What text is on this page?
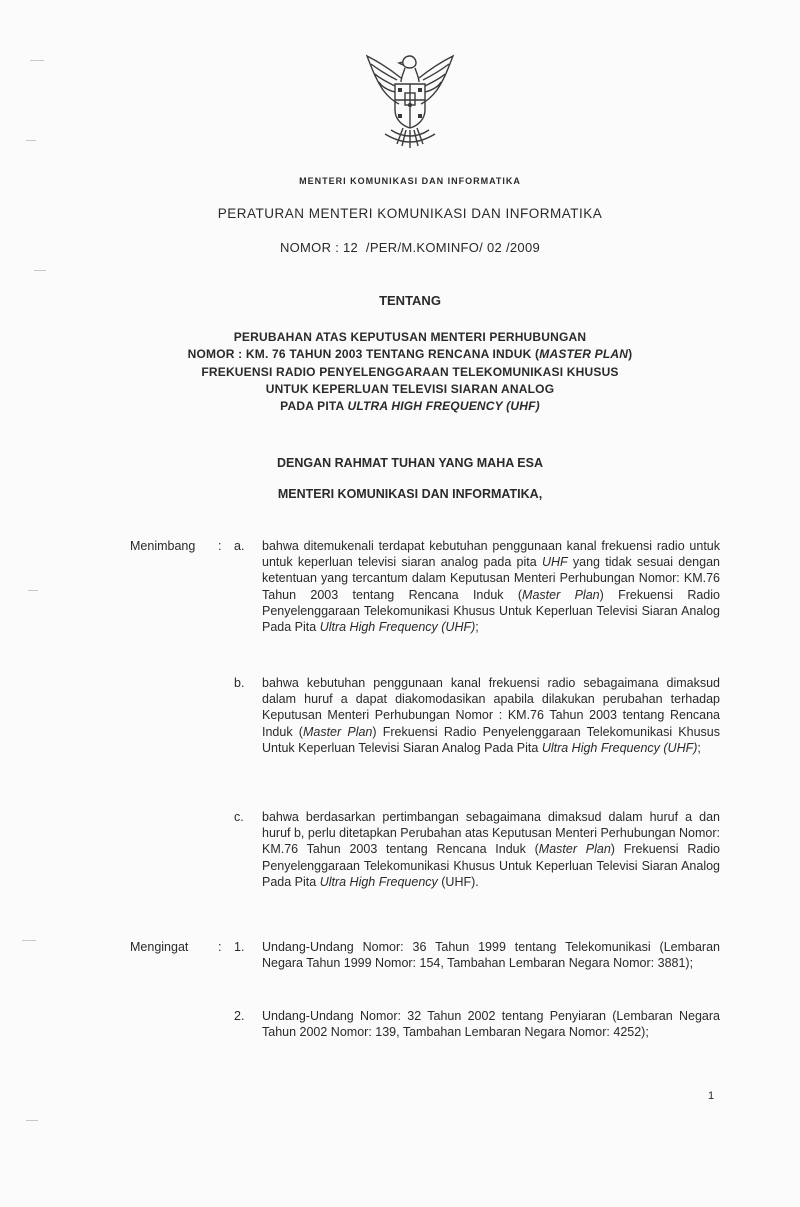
MENTERI KOMUNIKASI DAN INFORMATIKA
PERATURAN MENTERI KOMUNIKASI DAN INFORMATIKA
NOMOR : 12  /PER/M.KOMINFO/ 02 /2009
TENTANG
PERUBAHAN ATAS KEPUTUSAN MENTERI PERHUBUNGAN
NOMOR : KM. 76 TAHUN 2003 TENTANG RENCANA INDUK (MASTER PLAN)
FREKUENSI RADIO PENYELENGGARAAN TELEKOMUNIKASI KHUSUS
UNTUK KEPERLUAN TELEVISI SIARAN ANALOG
PADA PITA ULTRA HIGH FREQUENCY (UHF)
DENGAN RAHMAT TUHAN YANG MAHA ESA
MENTERI KOMUNIKASI DAN INFORMATIKA,
Menimbang : a. bahwa ditemukenali terdapat kebutuhan penggunaan kanal frekuensi radio untuk untuk keperluan televisi siaran analog pada pita UHF yang tidak sesuai dengan ketentuan yang tercantum dalam Keputusan Menteri Perhubungan Nomor: KM.76 Tahun 2003 tentang Rencana Induk (Master Plan) Frekuensi Radio Penyelenggaraan Telekomunikasi Khusus Untuk Keperluan Televisi Siaran Analog Pada Pita Ultra High Frequency (UHF);
b. bahwa kebutuhan penggunaan kanal frekuensi radio sebagaimana dimaksud dalam huruf a dapat diakomodasikan apabila dilakukan perubahan terhadap Keputusan Menteri Perhubungan Nomor : KM.76 Tahun 2003 tentang Rencana Induk (Master Plan) Frekuensi Radio Penyelenggaraan Telekomunikasi Khusus Untuk Keperluan Televisi Siaran Analog Pada Pita Ultra High Frequency (UHF);
c. bahwa berdasarkan pertimbangan sebagaimana dimaksud dalam huruf a dan huruf b, perlu ditetapkan Perubahan atas Keputusan Menteri Perhubungan Nomor: KM.76 Tahun 2003 tentang Rencana Induk (Master Plan) Frekuensi Radio Penyelenggaraan Telekomunikasi Khusus Untuk Keperluan Televisi Siaran Analog Pada Pita Ultra High Frequency (UHF).
Mengingat : 1. Undang-Undang Nomor: 36 Tahun 1999 tentang Telekomunikasi (Lembaran Negara Tahun 1999 Nomor: 154, Tambahan Lembaran Negara Nomor: 3881);
2. Undang-Undang Nomor: 32 Tahun 2002 tentang Penyiaran (Lembaran Negara Tahun 2002 Nomor: 139, Tambahan Lembaran Negara Nomor: 4252);
1
